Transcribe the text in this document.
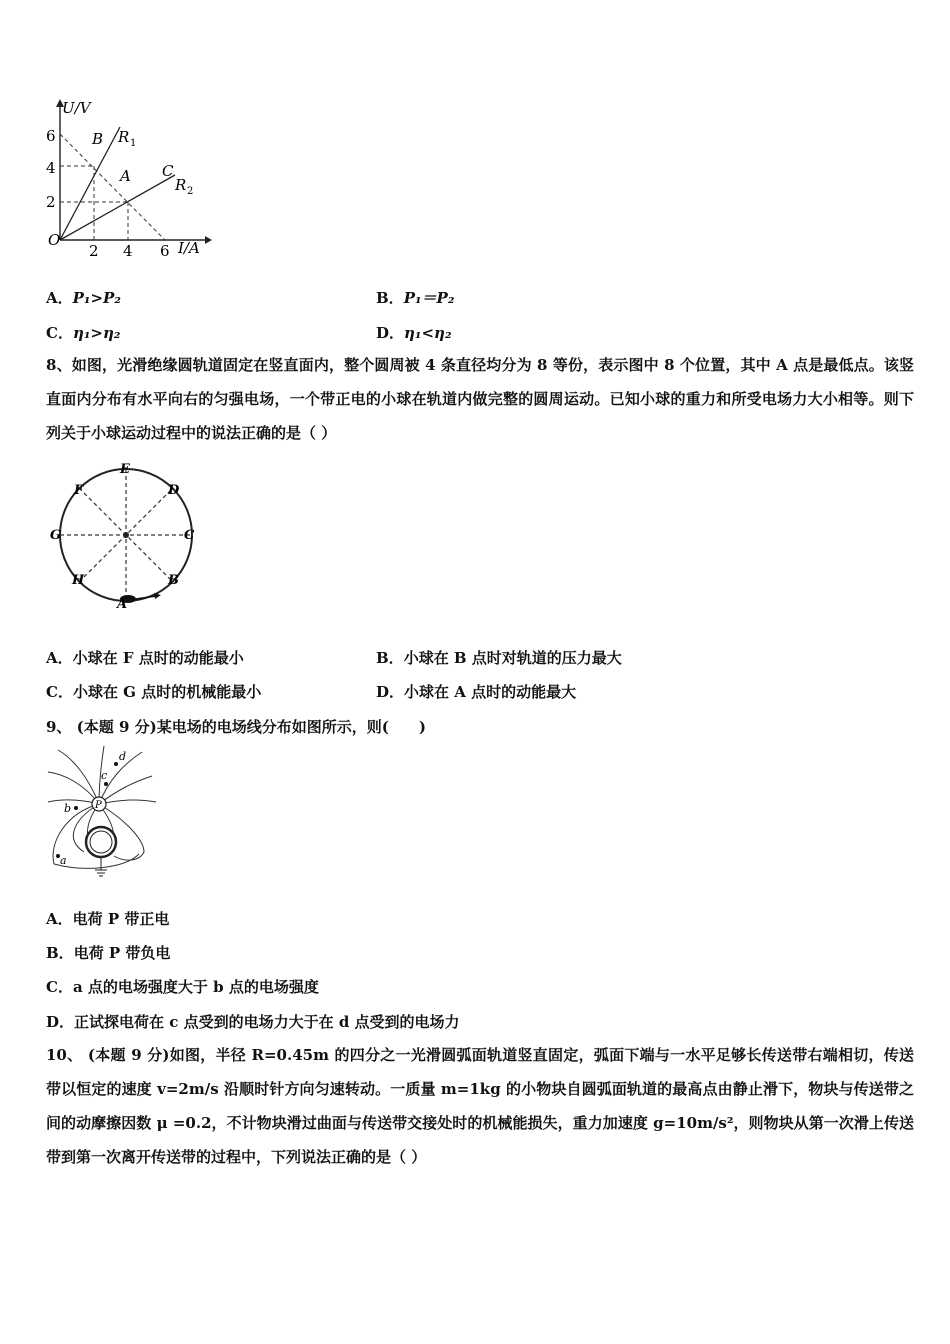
U/V
I/A
O
6
4
2
2 4 6
B R 1
A C
R 2
A．P₁>P₂	B．P₁＝P₂
C．η₁>η₂	D．η₁<η₂
8、如图，光滑绝缘圆轨道固定在竖直面内，整个圆周被 4 条直径均分为 8 等份，表示图中 8 个位置，其中 A 点是最低点。该竖直面内分布有水平向右的匀强电场，一个带正电的小球在轨道内做完整的圆周运动。已知小球的重力和所受电场力大小相等。则下列关于小球运动过程中的说法正确的是（ ）
E
D
C
B
A
H
G
F
A．小球在 F 点时的动能最小	B．小球在 B 点时对轨道的压力最大
C．小球在 G 点时的机械能最小	D．小球在 A 点时的动能最大
9、 (本题 9 分)某电场的电场线分布如图所示，则(　　)
P
d
c
b
a
A．电荷 P 带正电
B．电荷 P 带负电
C．a 点的电场强度大于 b 点的电场强度
D．正试探电荷在 c 点受到的电场力大于在 d 点受到的电场力
10、 (本题 9 分)如图，半径 R=0.45m 的四分之一光滑圆弧面轨道竖直固定，弧面下端与一水平足够长传送带右端相切，传送带以恒定的速度 v=2m/s 沿顺时针方向匀速转动。一质量 m=1kg 的小物块自圆弧面轨道的最高点由静止滑下，物块与传送带之间的动摩擦因数 μ =0.2，不计物块滑过曲面与传送带交接处时的机械能损失，重力加速度 g=10m/s²，则物块从第一次滑上传送带到第一次离开传送带的过程中，下列说法正确的是（ ）
